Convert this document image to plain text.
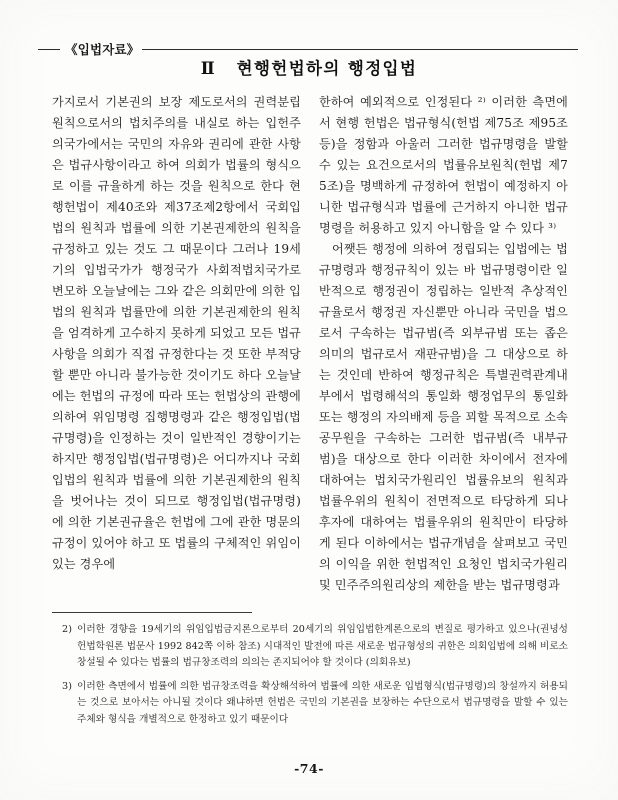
《입법자료》
Ⅱ 현행헌법하의 행정입법

가지로서 기본권의 보장 제도로서의 권력분립 원칙으로서의 법치주의를 내실로 하는 입헌주의국가에서는 국민의 자유와 권리에 관한 사항은 법규사항이라고 하여 의회가 법률의 형식으로 이를 규율하게 하는 것을 원칙으로 한다 현행헌법이 제40조와 제37조제2항에서 국회입법의 원칙과 법률에 의한 기본권제한의 원칙을 규정하고 있는 것도 그 때문이다 그러나 19세기의 입법국가가 행정국가 사회적법치국가로 변모하 오늘날에는 그와 같은 의회만에 의한 입법의 원칙과 법률만에 의한 기본권제한의 원칙을 엄격하게 고수하지 못하게 되었고 모든 법규사항을 의회가 직접 규정한다는 것 또한 부적당할 뿐만 아니라 불가능한 것이기도 하다 오늘날에는 헌법의 규정에 따라 또는 헌법상의 관행에 의하여 위임명령 집행명령과 같은 행정입법(법규명령)을 인정하는 것이 일반적인 경향이기는 하지만 행정입법(법규명령)은 어디까지나 국회입법의 원칙과 법률에 의한 기본권제한의 원칙을 벗어나는 것이 되므로 행정입법(법규명령)에 의한 기본권규율은 헌법에 그에 관한 명문의 규정이 있어야 하고 또 법률의 구체적인 위임이 있는 경우에

한하여 예외적으로 인정된다 ²⁾ 이러한 측면에서 현행 헌법은 법규형식(헌법 제75조 제95조등)을 정함과 아울러 그러한 법규명령을 발할 수 있는 요건으로서의 법률유보원칙(헌법 제75조)을 명백하게 규정하여 헌법이 예정하지 아니한 법규형식과 법률에 근거하지 아니한 법규명령을 허용하고 있지 아니함을 알 수 있다 ³⁾

어쨋든 행정에 의하여 정립되는 입법에는 법규명령과 행정규칙이 있는 바 법규명령이란 일반적으로 행정권이 정립하는 일반적 추상적인 규율로서 행정권 자신뿐만 아니라 국민을 법으로서 구속하는 법규범(즉 외부규범 또는 좁은 의미의 법규로서 재판규범)을 그 대상으로 하는 것인데 반하여 행정규칙은 특별권력관계내부에서 법령해석의 통일화 행정업무의 통일화 또는 행정의 자의배제 등을 꾀할 목적으로 소속 공무원을 구속하는 그러한 법규범(즉 내부규범)을 대상으로 한다 이러한 차이에서 전자에 대하여는 법치국가원리인 법률유보의 원칙과 법률우위의 원칙이 전면적으로 타당하게 되나 후자에 대하여는 법률우위의 원칙만이 타당하게 된다 이하에서는 법규개념을 살펴보고 국민의 이익을 위한 헌법적인 요청인 법치국가원리 및 민주주의원리상의 제한을 받는 법규명령과

2) 이러한 경향을 19세기의 위임입법금지론으로부터 20세기의 위임입법한계론으로의 변질로 평가하고 있으나(권녕성 헌법학원론 법문사 1992 842쪽 이하 참조) 시대적인 발전에 따른 새로운 법규형성의 귀한은 의회입법에 의해 비로소 창설될 수 있다는 법률의 법규창조력의 의의는 존지되어야 할 것이다 (의회유보)
3) 이러한 측면에서 법률에 의한 법규창조력을 확상해석하여 법률에 의한 새로운 입법형식(법규명령)의 창설까지 허용되는 것으로 보아서는 아니될 것이다 왜냐하면 헌법은 국민의 기본권을 보장하는 수단으로서 법규명령을 발할 수 있는 주체와 형식을 개별적으로 한정하고 있기 때문이다
-74-
